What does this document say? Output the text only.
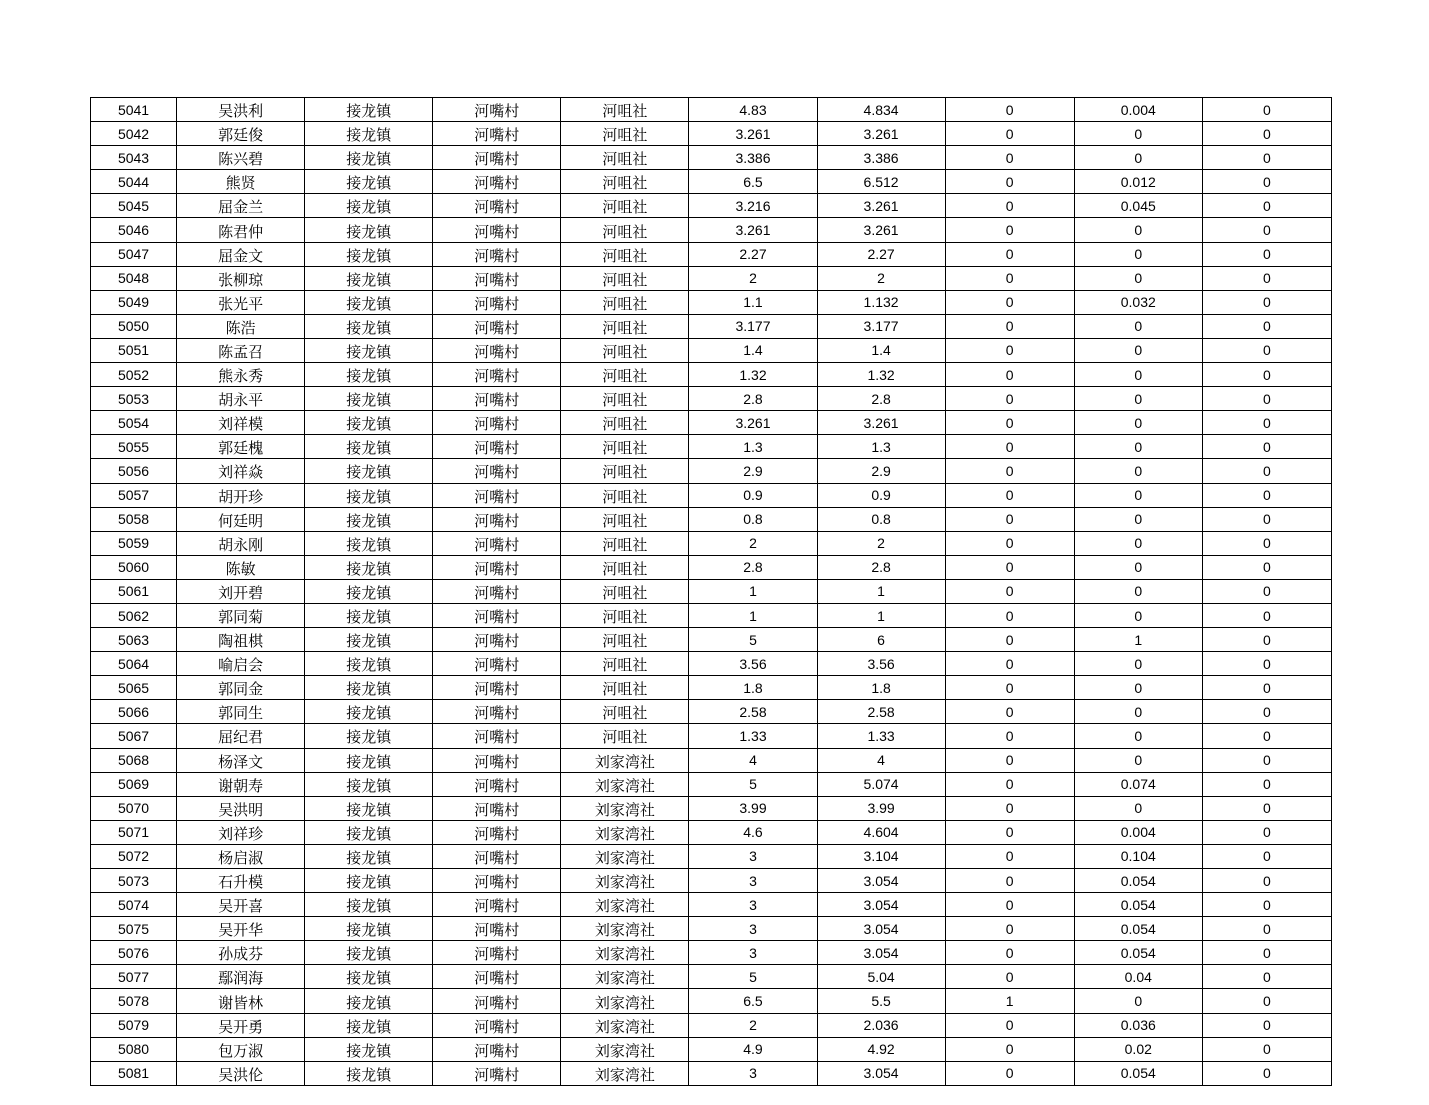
5041	吴洪利	接龙镇	河嘴村	河咀社	4.83	4.834	0	0.004	0
5042	郭廷俊	接龙镇	河嘴村	河咀社	3.261	3.261	0	0	0
5043	陈兴碧	接龙镇	河嘴村	河咀社	3.386	3.386	0	0	0
5044	熊贤	接龙镇	河嘴村	河咀社	6.5	6.512	0	0.012	0
5045	屈金兰	接龙镇	河嘴村	河咀社	3.216	3.261	0	0.045	0
5046	陈君仲	接龙镇	河嘴村	河咀社	3.261	3.261	0	0	0
5047	屈金文	接龙镇	河嘴村	河咀社	2.27	2.27	0	0	0
5048	张柳琼	接龙镇	河嘴村	河咀社	2	2	0	0	0
5049	张光平	接龙镇	河嘴村	河咀社	1.1	1.132	0	0.032	0
5050	陈浩	接龙镇	河嘴村	河咀社	3.177	3.177	0	0	0
5051	陈孟召	接龙镇	河嘴村	河咀社	1.4	1.4	0	0	0
5052	熊永秀	接龙镇	河嘴村	河咀社	1.32	1.32	0	0	0
5053	胡永平	接龙镇	河嘴村	河咀社	2.8	2.8	0	0	0
5054	刘祥模	接龙镇	河嘴村	河咀社	3.261	3.261	0	0	0
5055	郭廷槐	接龙镇	河嘴村	河咀社	1.3	1.3	0	0	0
5056	刘祥焱	接龙镇	河嘴村	河咀社	2.9	2.9	0	0	0
5057	胡开珍	接龙镇	河嘴村	河咀社	0.9	0.9	0	0	0
5058	何廷明	接龙镇	河嘴村	河咀社	0.8	0.8	0	0	0
5059	胡永刚	接龙镇	河嘴村	河咀社	2	2	0	0	0
5060	陈敏	接龙镇	河嘴村	河咀社	2.8	2.8	0	0	0
5061	刘开碧	接龙镇	河嘴村	河咀社	1	1	0	0	0
5062	郭同菊	接龙镇	河嘴村	河咀社	1	1	0	0	0
5063	陶祖棋	接龙镇	河嘴村	河咀社	5	6	0	1	0
5064	喻启会	接龙镇	河嘴村	河咀社	3.56	3.56	0	0	0
5065	郭同金	接龙镇	河嘴村	河咀社	1.8	1.8	0	0	0
5066	郭同生	接龙镇	河嘴村	河咀社	2.58	2.58	0	0	0
5067	屈纪君	接龙镇	河嘴村	河咀社	1.33	1.33	0	0	0
5068	杨泽文	接龙镇	河嘴村	刘家湾社	4	4	0	0	0
5069	谢朝寿	接龙镇	河嘴村	刘家湾社	5	5.074	0	0.074	0
5070	吴洪明	接龙镇	河嘴村	刘家湾社	3.99	3.99	0	0	0
5071	刘祥珍	接龙镇	河嘴村	刘家湾社	4.6	4.604	0	0.004	0
5072	杨启淑	接龙镇	河嘴村	刘家湾社	3	3.104	0	0.104	0
5073	石升模	接龙镇	河嘴村	刘家湾社	3	3.054	0	0.054	0
5074	吴开喜	接龙镇	河嘴村	刘家湾社	3	3.054	0	0.054	0
5075	吴开华	接龙镇	河嘴村	刘家湾社	3	3.054	0	0.054	0
5076	孙成芬	接龙镇	河嘴村	刘家湾社	3	3.054	0	0.054	0
5077	鄢润海	接龙镇	河嘴村	刘家湾社	5	5.04	0	0.04	0
5078	谢皆林	接龙镇	河嘴村	刘家湾社	6.5	5.5	1	0	0
5079	吴开勇	接龙镇	河嘴村	刘家湾社	2	2.036	0	0.036	0
5080	包万淑	接龙镇	河嘴村	刘家湾社	4.9	4.92	0	0.02	0
5081	吴洪伦	接龙镇	河嘴村	刘家湾社	3	3.054	0	0.054	0
